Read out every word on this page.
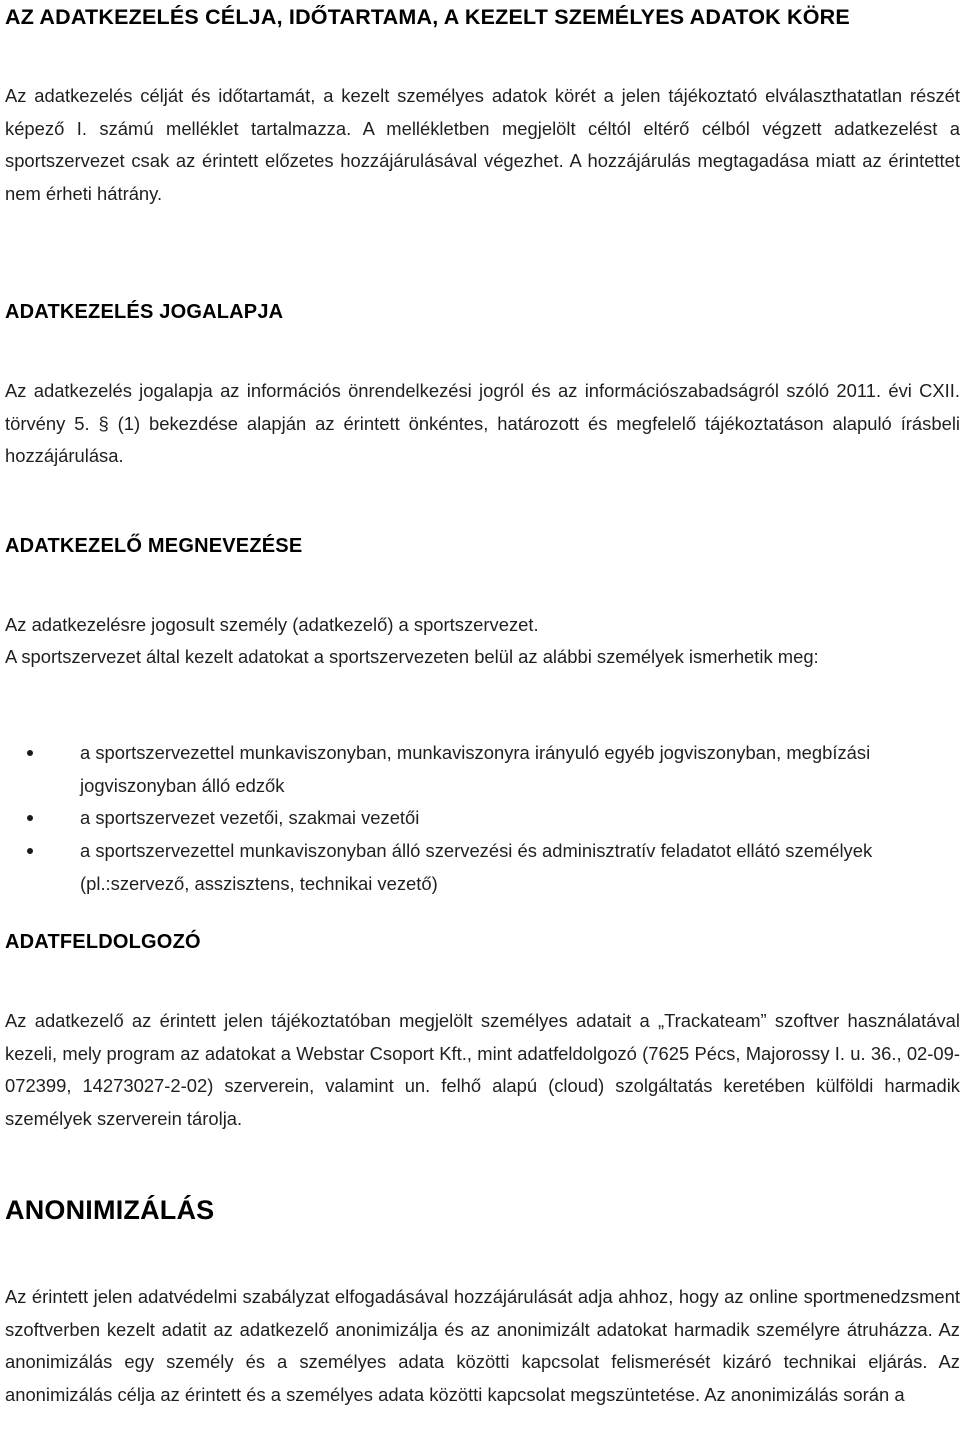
AZ ADATKEZELÉS CÉLJA, IDŐTARTAMA, A KEZELT SZEMÉLYES ADATOK KÖRE

Az adatkezelés célját és időtartamát, a kezelt személyes adatok körét a jelen tájékoztató elválaszthatatlan részét képező I. számú melléklet tartalmazza. A mellékletben megjelölt céltól eltérő célból végzett adatkezelést a sportszervezet csak az érintett előzetes hozzájárulásával végezhet. A hozzájárulás megtagadása miatt az érintettet nem érheti hátrány.

ADATKEZELÉS JOGALAPJA

Az adatkezelés jogalapja az információs önrendelkezési jogról és az információszabadságról szóló 2011. évi CXII. törvény 5. § (1) bekezdése alapján az érintett önkéntes, határozott és megfelelő tájékoztatáson alapuló írásbeli hozzájárulása.

ADATKEZELŐ MEGNEVEZÉSE

Az adatkezelésre jogosult személy (adatkezelő) a sportszervezet.

A sportszervezet által kezelt adatokat a sportszervezeten belül az alábbi személyek ismerhetik meg:

a sportszervezettel munkaviszonyban, munkaviszonyra irányuló egyéb jogviszonyban, megbízási jogviszonyban álló edzők
a sportszervezet vezetői, szakmai vezetői
a sportszervezettel munkaviszonyban álló szervezési és adminisztratív feladatot ellátó személyek (pl.:szervező, asszisztens, technikai vezető)
ADATFELDOLGOZÓ

Az adatkezelő az érintett jelen tájékoztatóban megjelölt személyes adatait a „Trackateam” szoftver használatával kezeli, mely program az adatokat a Webstar Csoport Kft., mint adatfeldolgozó (7625 Pécs, Majorossy I. u. 36., 02-09-072399, 14273027-2-02) szerverein, valamint un. felhő alapú (cloud) szolgáltatás keretében külföldi harmadik személyek szerverein tárolja.

ANONIMIZÁLÁS

Az érintett jelen adatvédelmi szabályzat elfogadásával hozzájárulását adja ahhoz, hogy az online sportmenedzsment szoftverben kezelt adatit az adatkezelő anonimizálja és az anonimizált adatokat harmadik személyre átruházza. Az anonimizálás egy személy és a személyes adata közötti kapcsolat felismerését kizáró technikai eljárás. Az anonimizálás célja az érintett és a személyes adata közötti kapcsolat megszüntetése. Az anonimizálás során a
